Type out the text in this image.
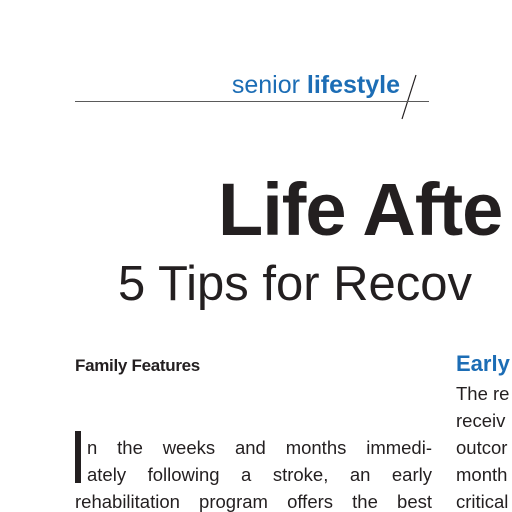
senior lifestyle
Life Afte
5 Tips for Recov
Family Features
n the weeks and months immedi-
ately following a stroke, an early
rehabilitation program offers the best
Early
The re
receiv
outcor
month
critical
